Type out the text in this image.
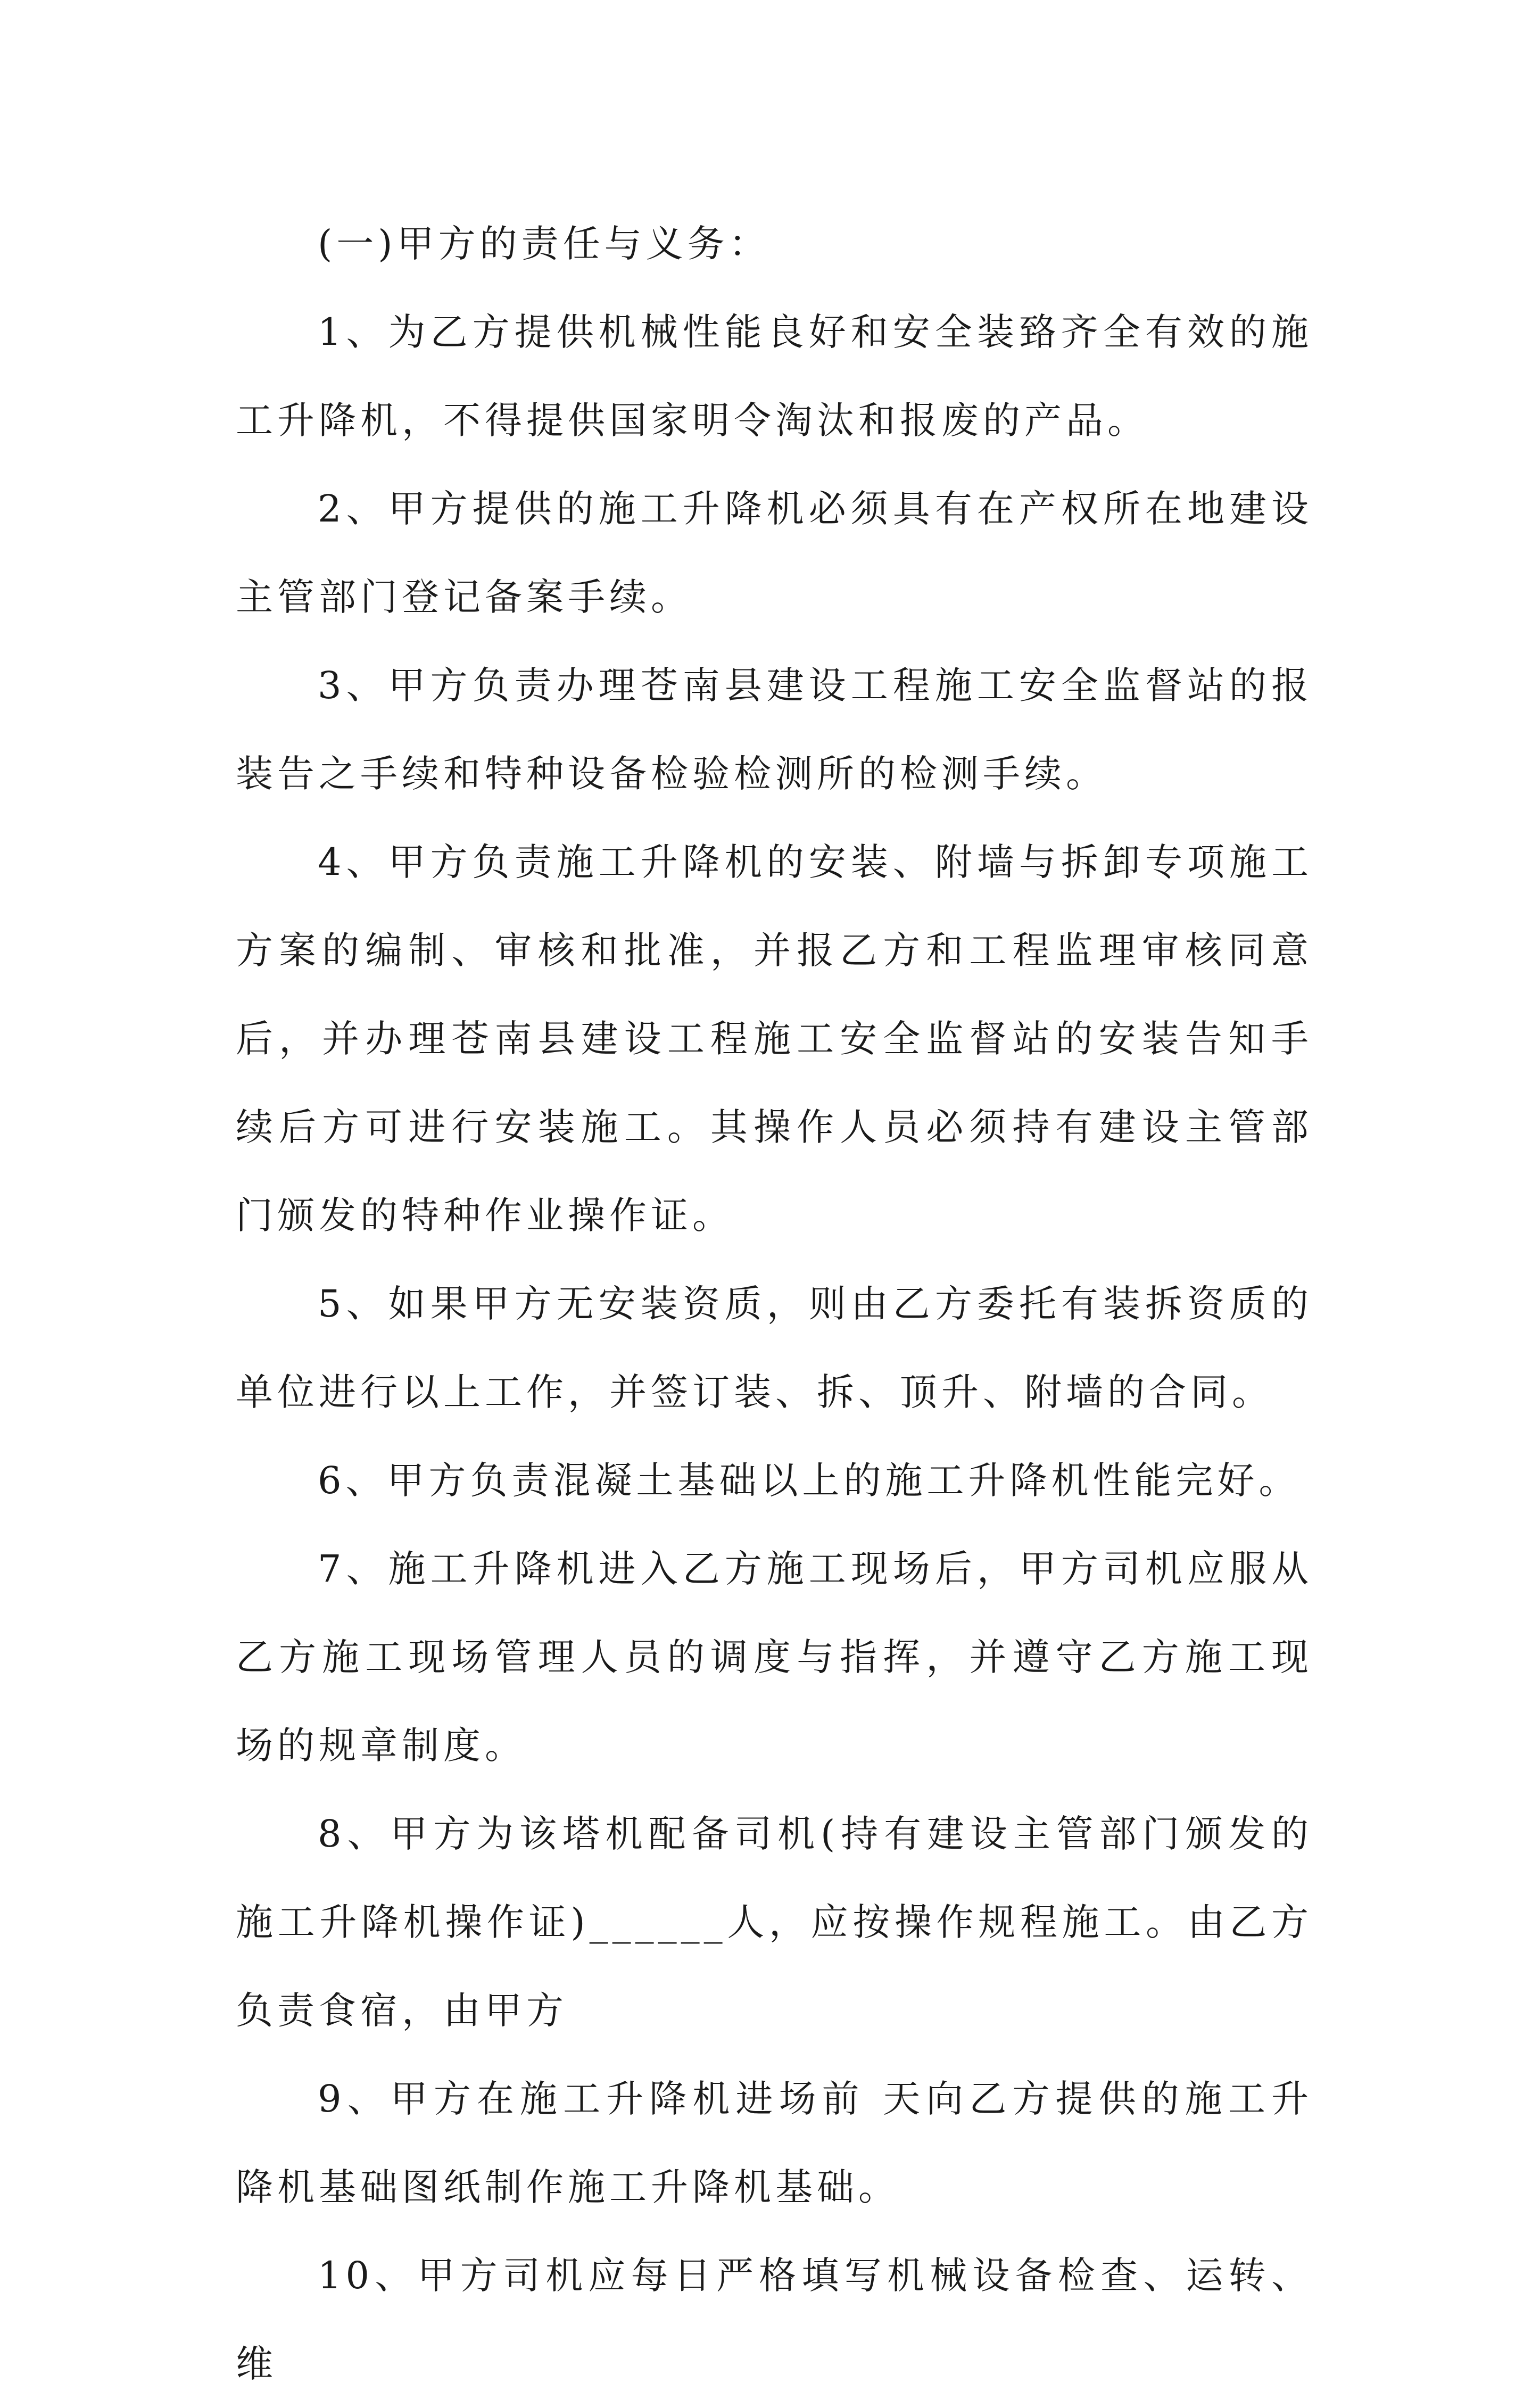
(一)甲方的责任与义务：

1、为乙方提供机械性能良好和安全装臵齐全有效的施工升降机，不得提供国家明令淘汰和报废的产品。

2、甲方提供的施工升降机必须具有在产权所在地建设主管部门登记备案手续。

3、甲方负责办理苍南县建设工程施工安全监督站的报装告之手续和特种设备检验检测所的检测手续。

4、甲方负责施工升降机的安装、附墙与拆卸专项施工方案的编制、审核和批准，并报乙方和工程监理审核同意后，并办理苍南县建设工程施工安全监督站的安装告知手续后方可进行安装施工。其操作人员必须持有建设主管部门颁发的特种作业操作证。

5、如果甲方无安装资质，则由乙方委托有装拆资质的单位进行以上工作，并签订装、拆、顶升、附墙的合同。

6、甲方负责混凝土基础以上的施工升降机性能完好。

7、施工升降机进入乙方施工现场后，甲方司机应服从乙方施工现场管理人员的调度与指挥，并遵守乙方施工现场的规章制度。

8、甲方为该塔机配备司机(持有建设主管部门颁发的施工升降机操作证)______人，应按操作规程施工。由乙方负责食宿，由甲方

9、甲方在施工升降机进场前 天向乙方提供的施工升降机基础图纸制作施工升降机基础。

10、甲方司机应每日严格填写机械设备检查、运转、维
